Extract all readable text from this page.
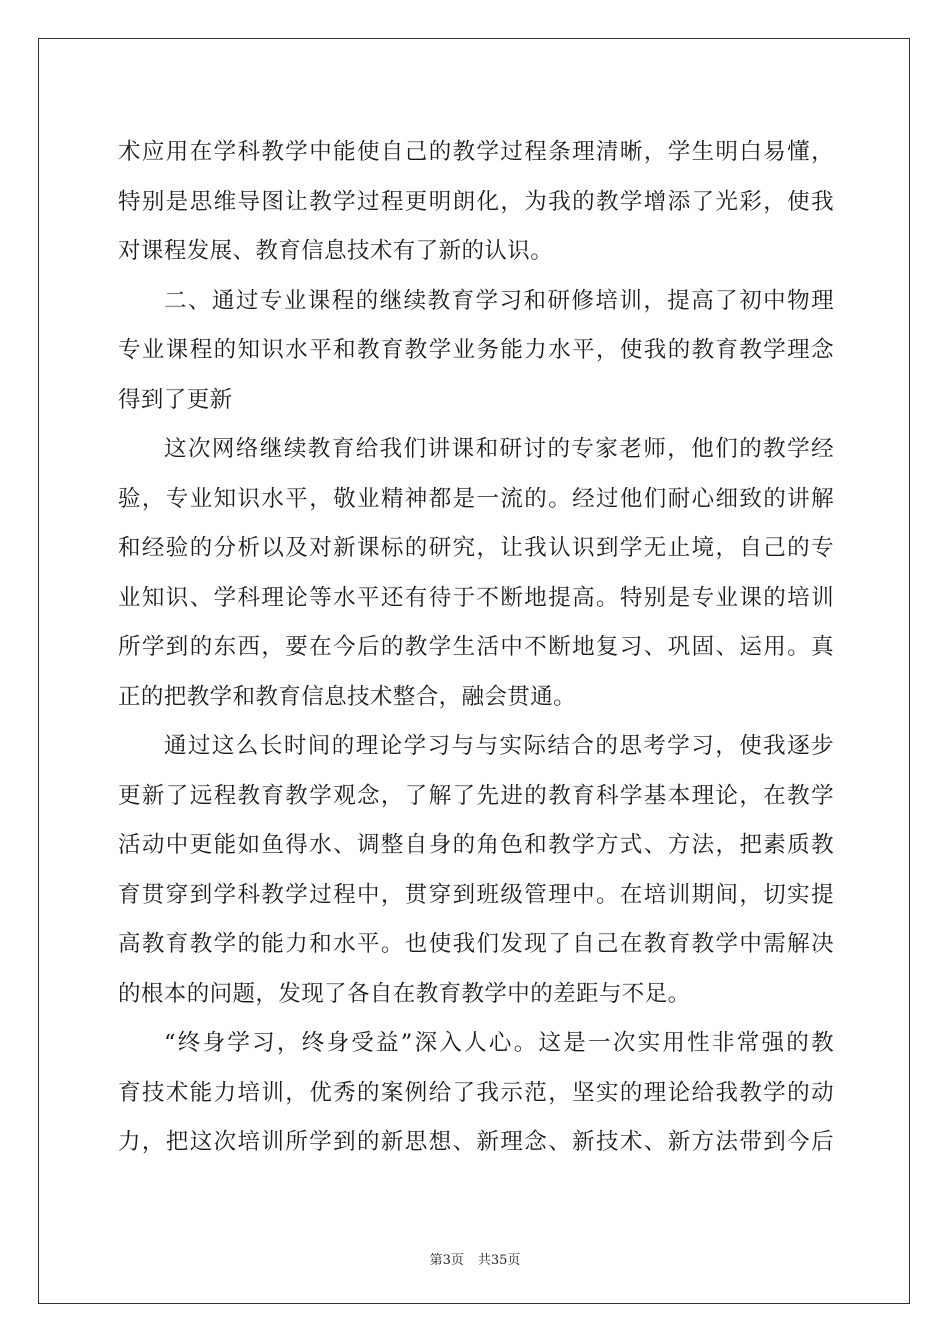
术应用在学科教学中能使自己的教学过程条理清晰，学生明白易懂，
特别是思维导图让教学过程更明朗化，为我的教学增添了光彩，使我
对课程发展、教育信息技术有了新的认识。
二、通过专业课程的继续教育学习和研修培训，提高了初中物理
专业课程的知识水平和教育教学业务能力水平，使我的教育教学理念
得到了更新
这次网络继续教育给我们讲课和研讨的专家老师，他们的教学经
验，专业知识水平，敬业精神都是一流的。经过他们耐心细致的讲解
和经验的分析以及对新课标的研究，让我认识到学无止境，自己的专
业知识、学科理论等水平还有待于不断地提高。特别是专业课的培训
所学到的东西，要在今后的教学生活中不断地复习、巩固、运用。真
正的把教学和教育信息技术整合，融会贯通。
通过这么长时间的理论学习与与实际结合的思考学习，使我逐步
更新了远程教育教学观念，了解了先进的教育科学基本理论，在教学
活动中更能如鱼得水、调整自身的角色和教学方式、方法，把素质教
育贯穿到学科教学过程中，贯穿到班级管理中。在培训期间，切实提
高教育教学的能力和水平。也使我们发现了自己在教育教学中需解决
的根本的问题，发现了各自在教育教学中的差距与不足。
“终身学习，终身受益”深入人心。这是一次实用性非常强的教
育技术能力培训，优秀的案例给了我示范，坚实的理论给我教学的动
力，把这次培训所学到的新思想、新理念、新技术、新方法带到今后
第3页 共35页
